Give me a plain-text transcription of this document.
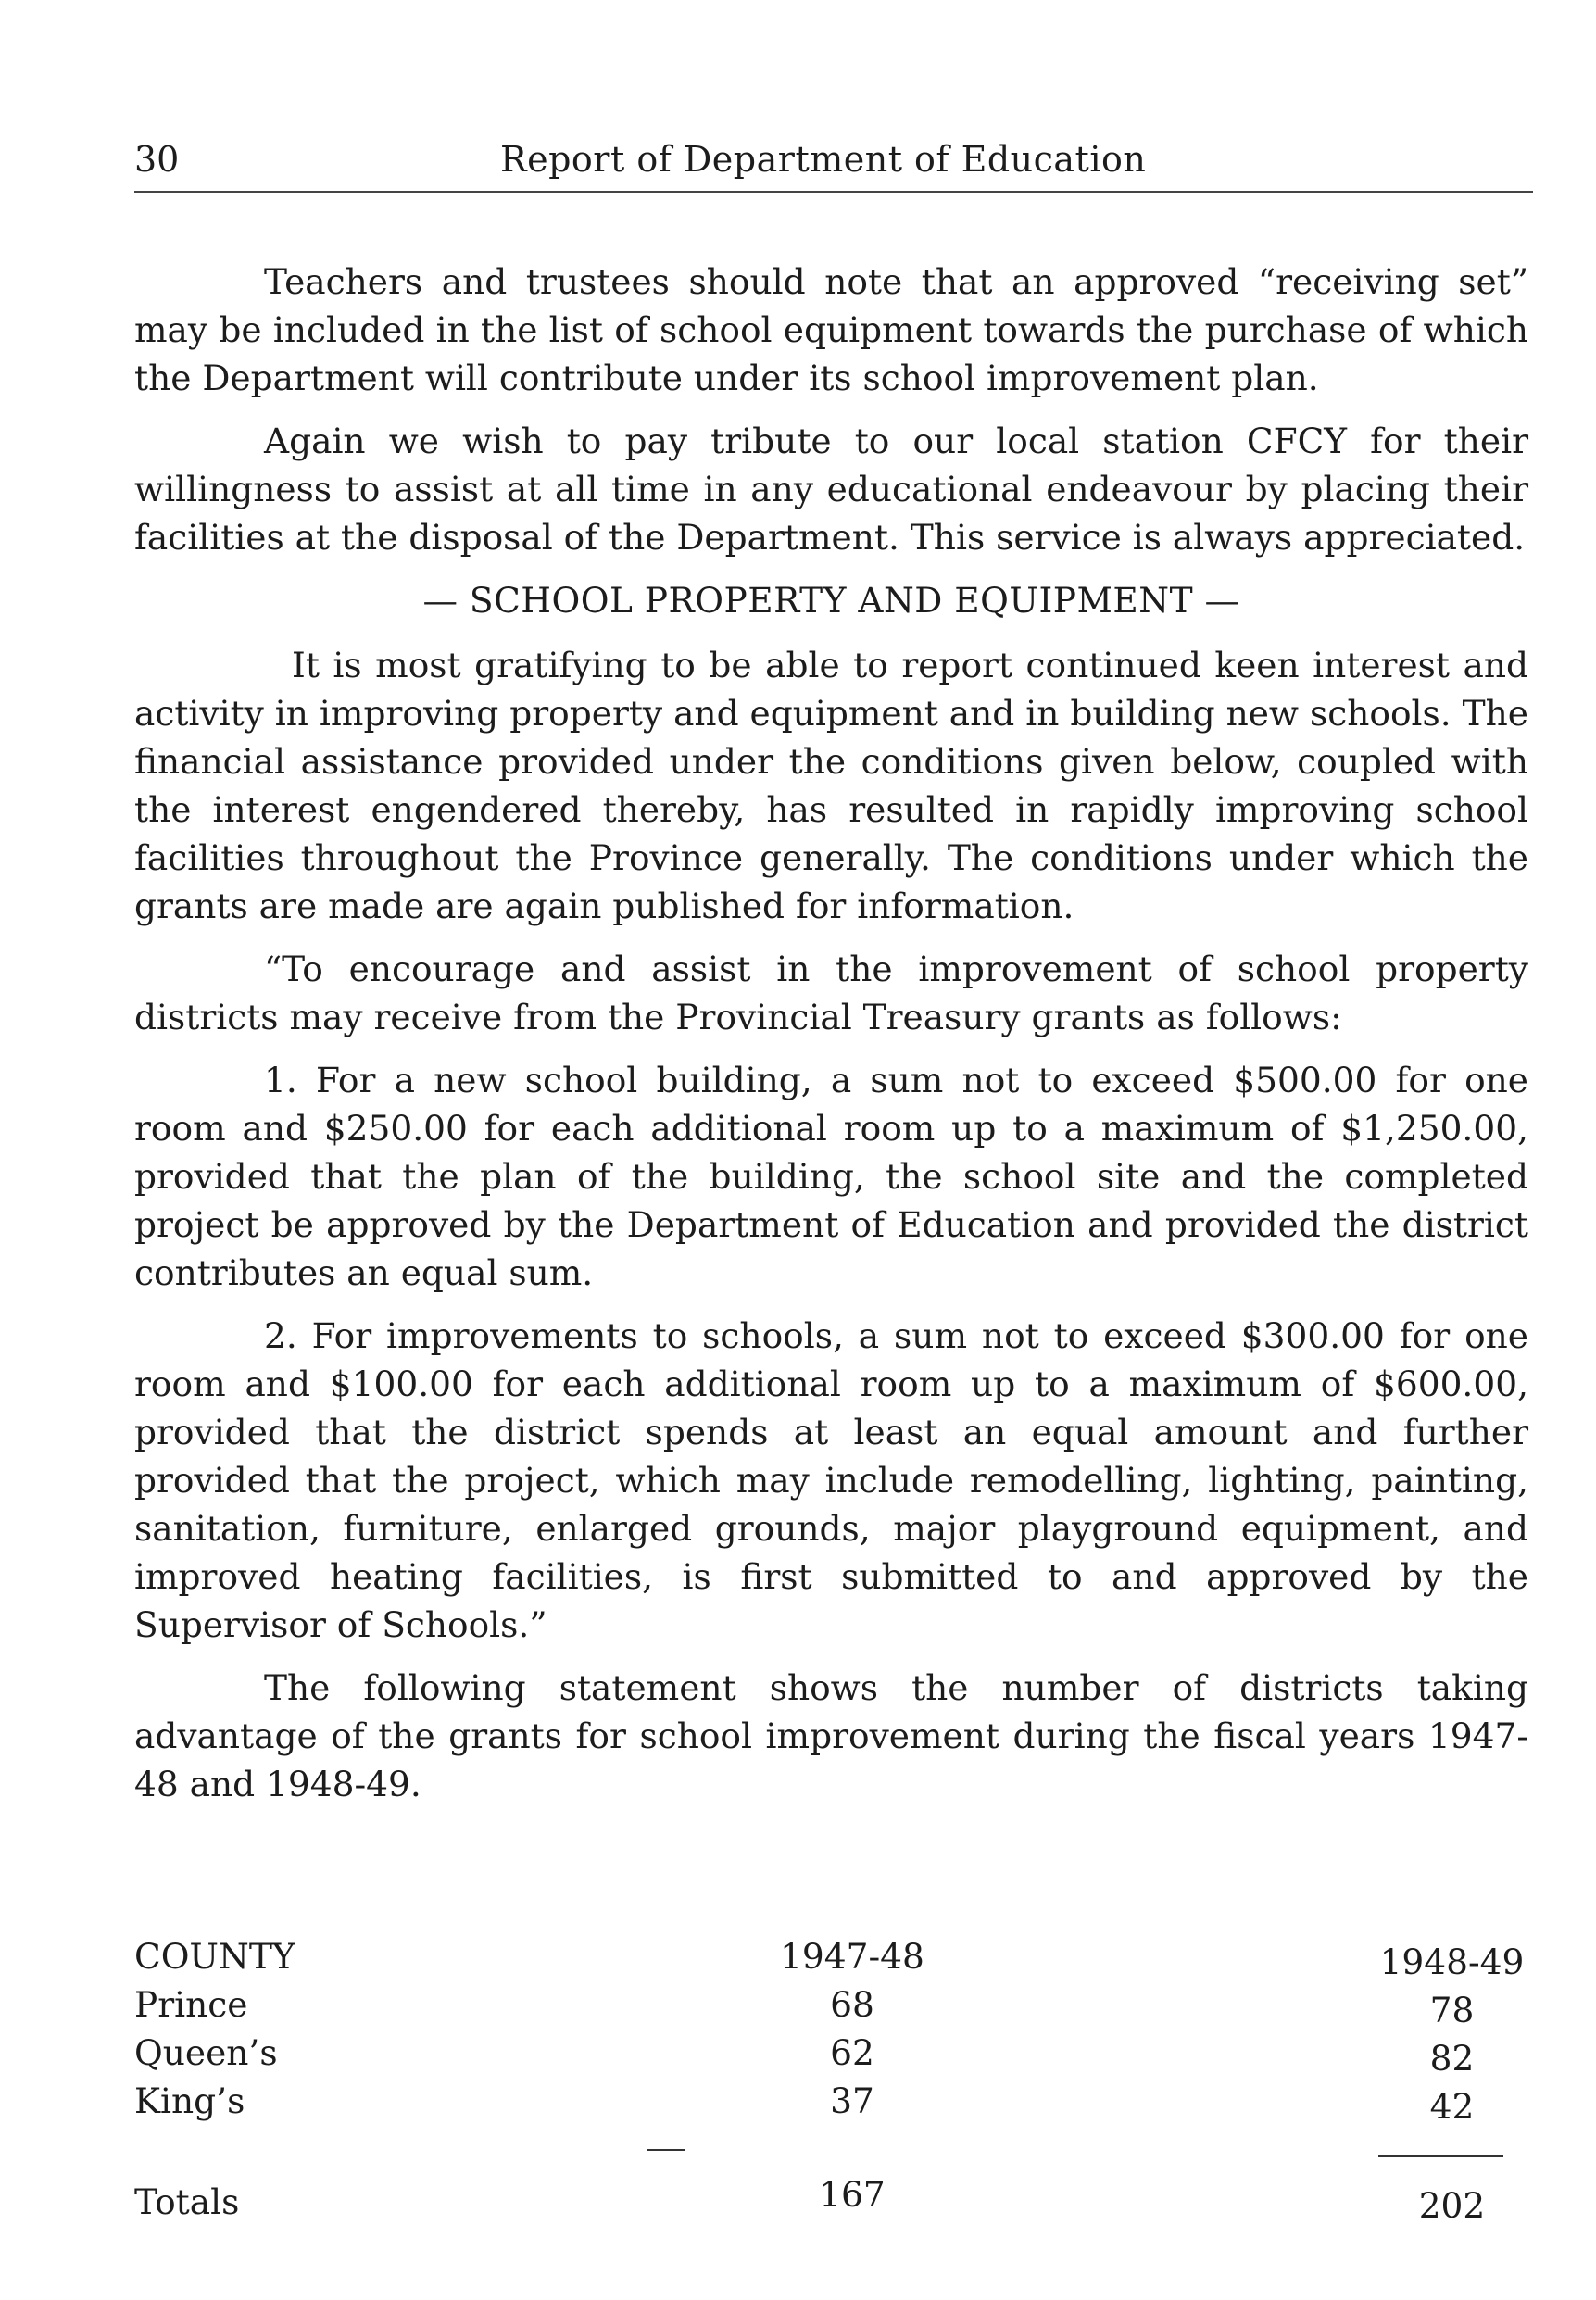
30	Report of Department of Education

Teachers and trustees should note that an approved “receiving set” may be included in the list of school equipment towards the purchase of which the Department will contribute under its school improvement plan.

Again we wish to pay tribute to our local station CFCY for their willingness to assist at all time in any educational endeavour by placing their facilities at the disposal of the Department. This service is always appreciated.

— SCHOOL PROPERTY AND EQUIPMENT —

It is most gratifying to be able to report continued keen interest and activity in improving property and equipment and in building new schools. The financial assistance provided under the conditions given below, coupled with the interest engendered thereby, has resulted in rapidly improving school facilities throughout the Province generally. The conditions under which the grants are made are again published for information.

“To encourage and assist in the improvement of school property districts may receive from the Provincial Treasury grants as follows:

1. For a new school building, a sum not to exceed $500.00 for one room and $250.00 for each additional room up to a maximum of $1,250.00, provided that the plan of the building, the school site and the completed project be approved by the Department of Education and provided the district contributes an equal sum.

2. For improvements to schools, a sum not to exceed $300.00 for one room and $100.00 for each additional room up to a maximum of $600.00, provided that the district spends at least an equal amount and further provided that the project, which may include remodelling, lighting, painting, sanitation, furniture, enlarged grounds, major playground equipment, and improved heating facilities, is first submitted to and approved by the Supervisor of Schools.”

The following statement shows the number of districts taking advantage of the grants for school improvement during the fiscal years 1947-48 and 1948-49.

COUNTY	1947-48	1948-49
Prince	68	78
Queen’s	62	82
King’s	37	42
Totals	167	202
